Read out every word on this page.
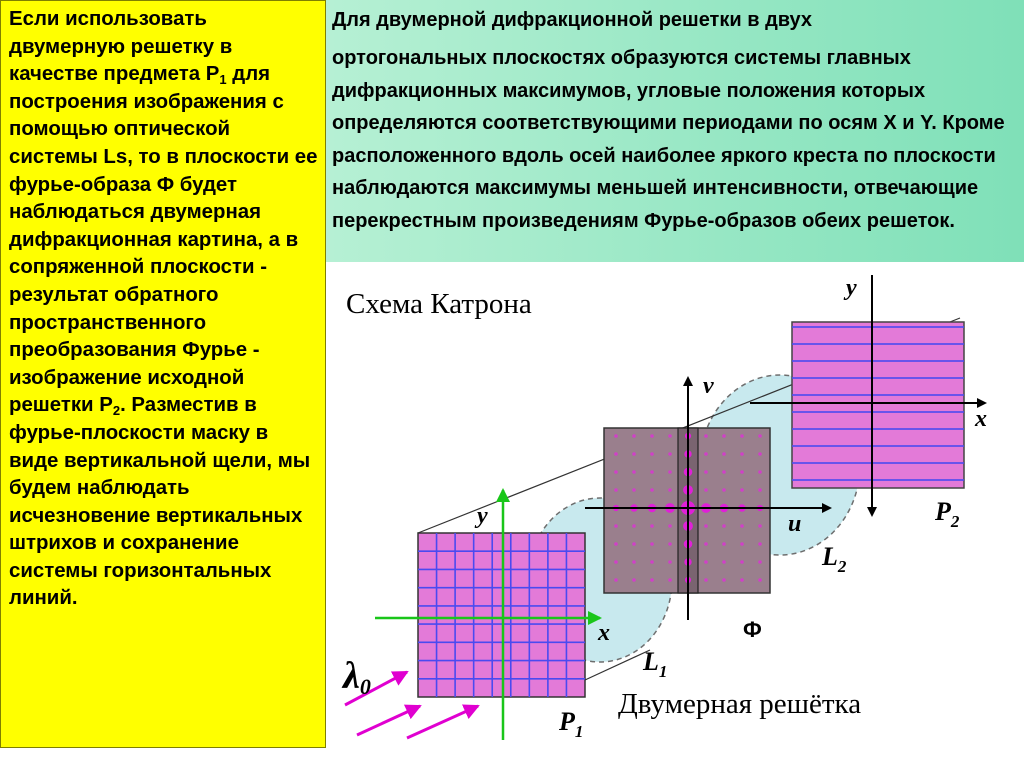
Если использовать двумерную решетку в качестве предмета $Р_1$ для построения изображения с помощью оптической системы Ls, то в плоскости ее фурье-образа Ф будет наблюдаться двумерная дифракционная картина, а в сопряженной плоскости - результат обратного пространственного преобразования Фурье - изображение исходной решетки $Р_2$. Разместив в фурье-плоскости маску в виде вертикальной щели, мы будем наблюдать исчезновение вертикальных штрихов и сохранение системы горизонтальных линий.

Для двумерной дифракционной решетки в двух
ортогональных плоскостях образуются системы главных дифракционных максимумов, угловые положения которых определяются соответствующими периодами по осям X и Y. Кроме расположенного вдоль осей наиболее яркого креста по плоскости наблюдаются максимумы меньшей интенсивности, отвечающие перекрестным произведениям Фурье-образов обеих решеток.
λ0
y
x
$P_1$
$L_1$
v
u
Ф
$L_2$
y
x
$P_2$
Схема Катрона
Двумерная решётка
